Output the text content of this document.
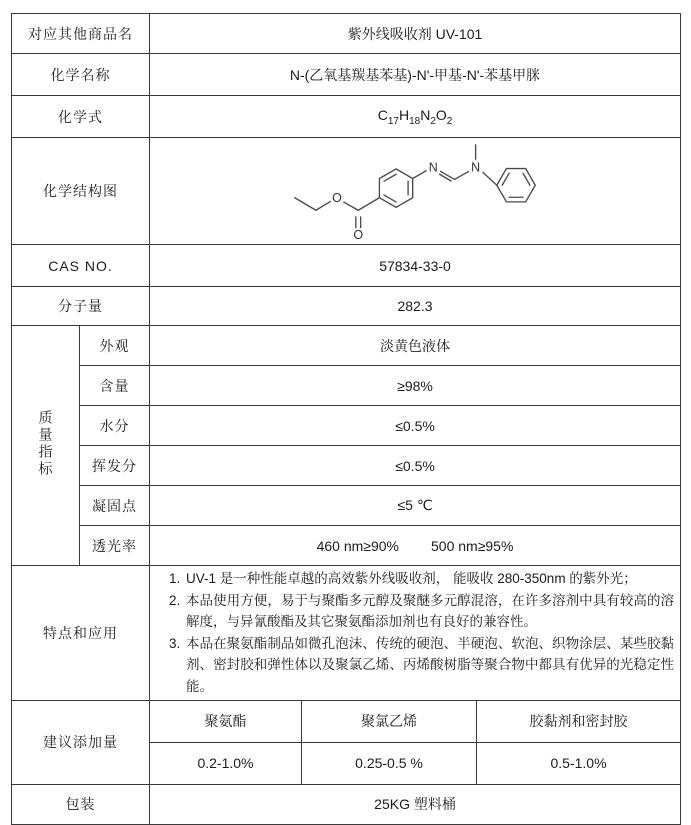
对应其他商品名		紫外线吸收剂 UV-101		
化学名称		N-(乙氧基羰基苯基)-N'-甲基-N'-苯基甲脒		
化学式		$C_{17}H_{18}N_2O_2$
化学结构图		O
O
N N		

CAS NO.		57834-33-0		
分子量		282.3		
质量指标	外观	淡黄色液体		
	含量	≥98%		
	水分	≤0.5%		
	挥发分	≤0.5%		
	凝固点	≤5 ℃		
	透光率	460 nm≥90% 500 nm≥95%		

特点和应用	
1. UV-1 是一种性能卓越的高效紫外线吸收剂， 能吸收 280-350nm 的紫外光；
2. 本品使用方便，易于与聚酯多元醇及聚醚多元醇混溶，在许多溶剂中具有较高的溶解度，与异氰酸酯及其它聚氨酯添加剂也有良好的兼容性。
3. 本品在聚氨酯制品如微孔泡沫、传统的硬泡、半硬泡、软泡、织物涂层、某些胶黏剂、密封胶和弹性体以及聚氯乙烯、丙烯酸树脂等聚合物中都具有优异的光稳定性能。

建议添加量		聚氨酯	聚氯乙烯	胶黏剂和密封胶
		0.2-1.0%	0.25-0.5 %	0.5-1.0%
包装		25KG 塑料桶		
